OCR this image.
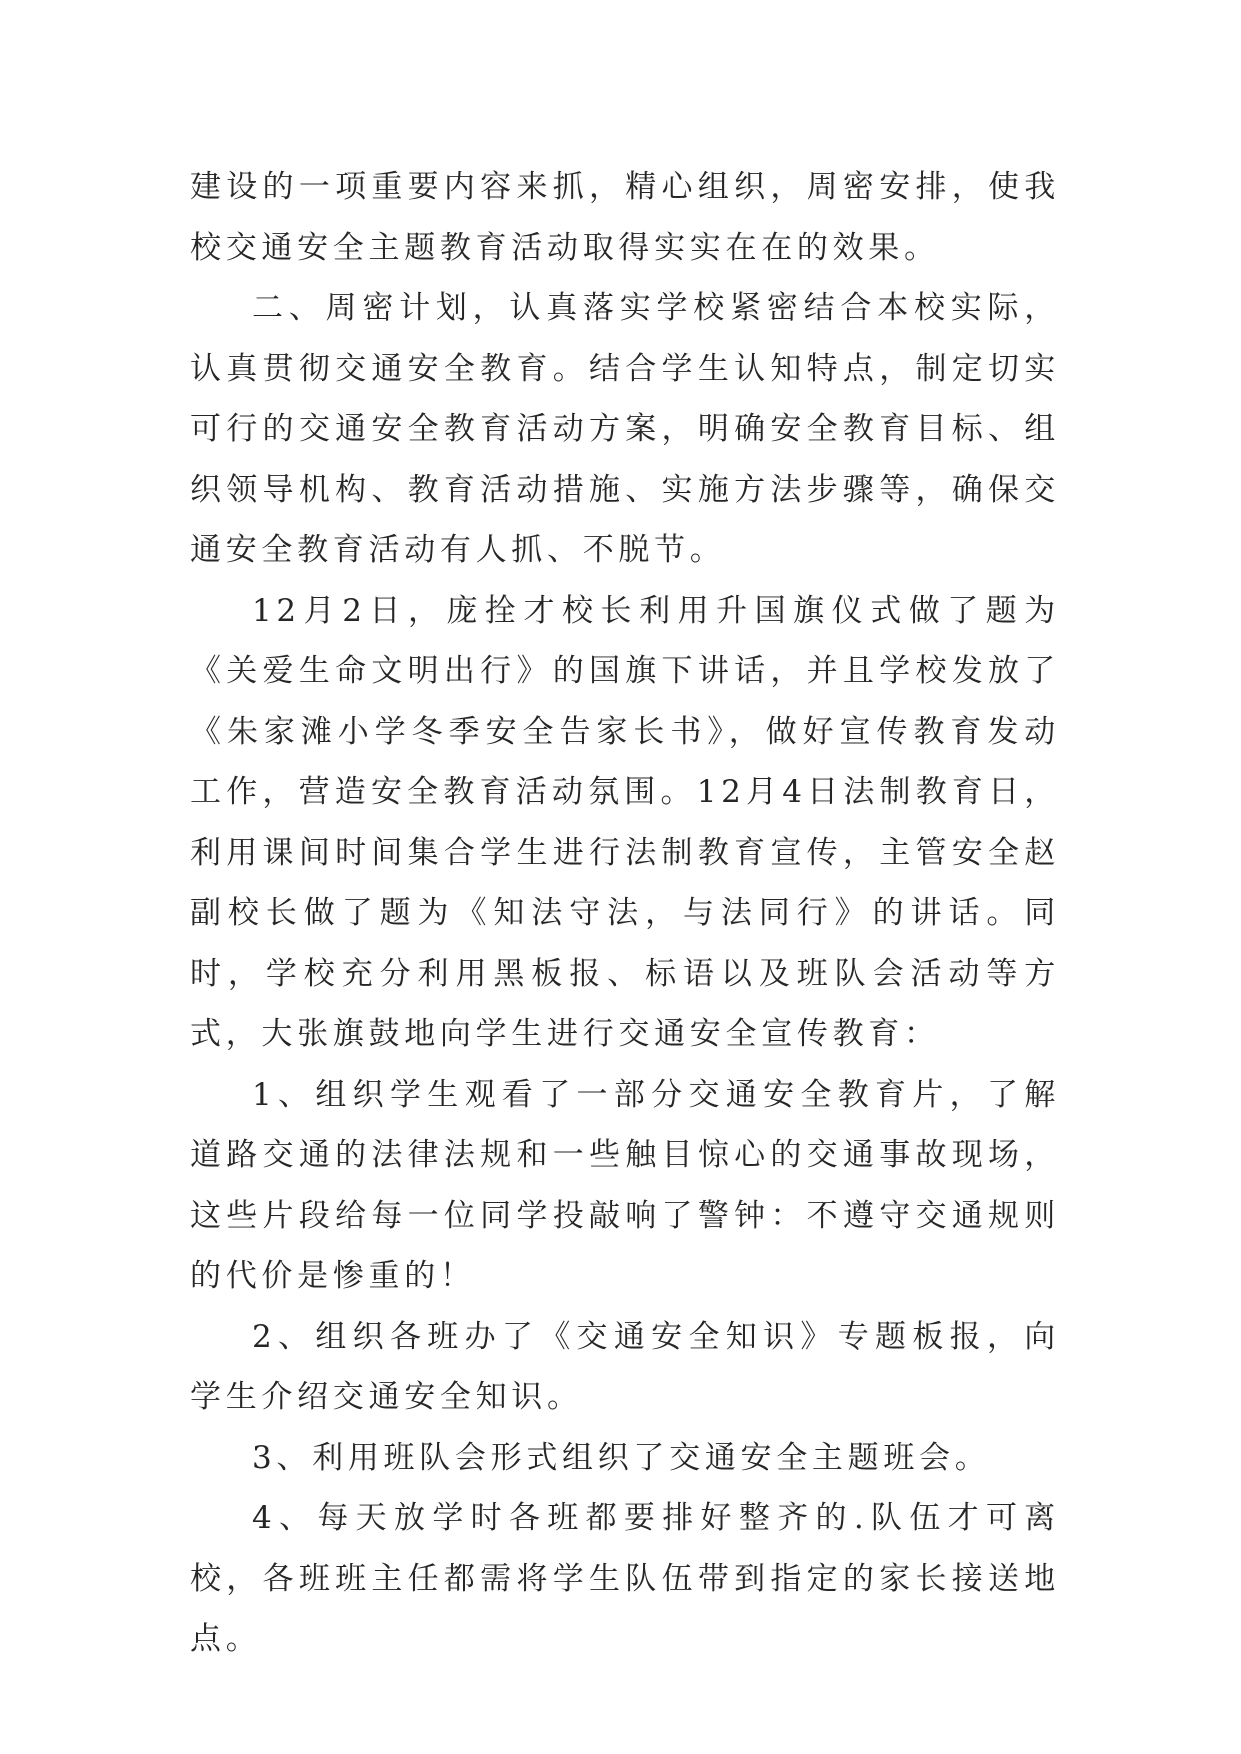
建设的一项重要内容来抓，精心组织，周密安排，使我校交通安全主题教育活动取得实实在在的效果。

二、周密计划，认真落实学校紧密结合本校实际，认真贯彻交通安全教育。结合学生认知特点，制定切实可行的交通安全教育活动方案，明确安全教育目标、组织领导机构、教育活动措施、实施方法步骤等，确保交通安全教育活动有人抓、不脱节。

12月2日，庞拴才校长利用升国旗仪式做了题为《关爱生命文明出行》的国旗下讲话，并且学校发放了《朱家滩小学冬季安全告家长书》，做好宣传教育发动工作，营造安全教育活动氛围。12月4日法制教育日，利用课间时间集合学生进行法制教育宣传，主管安全赵副校长做了题为《知法守法，与法同行》的讲话。同时，学校充分利用黑板报、标语以及班队会活动等方式，大张旗鼓地向学生进行交通安全宣传教育：

1、组织学生观看了一部分交通安全教育片，了解道路交通的法律法规和一些触目惊心的交通事故现场，这些片段给每一位同学投敲响了警钟：不遵守交通规则的代价是惨重的！

2、组织各班办了《交通安全知识》专题板报，向学生介绍交通安全知识。

3、利用班队会形式组织了交通安全主题班会。

4、每天放学时各班都要排好整齐的.队伍才可离校，各班班主任都需将学生队伍带到指定的家长接送地点。
